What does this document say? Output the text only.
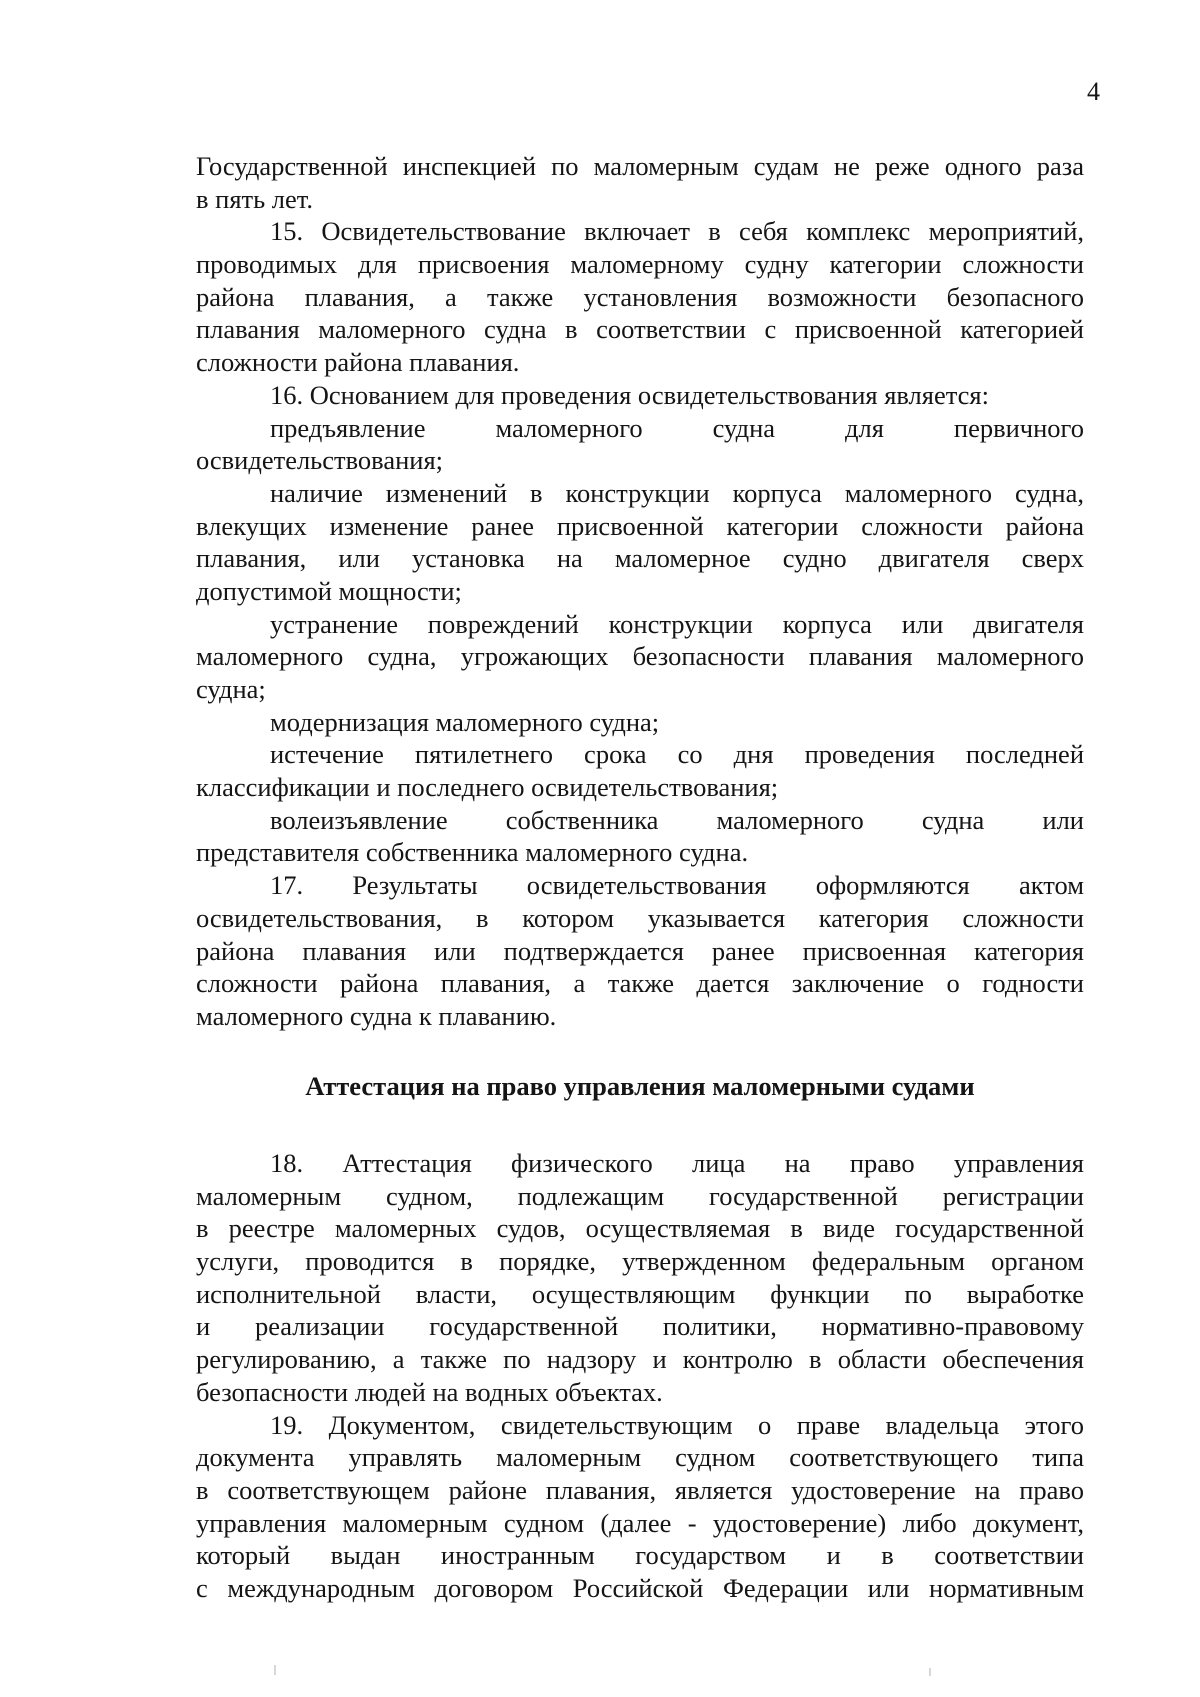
4
Государственной инспекцией по маломерным судам не реже одного раза
в пять лет.
15. Освидетельствование включает в себя комплекс мероприятий,
проводимых для присвоения маломерному судну категории сложности
района плавания, а также установления возможности безопасного
плавания маломерного судна в соответствии с присвоенной категорией
сложности района плавания.
16. Основанием для проведения освидетельствования является:
предъявление маломерного судна для первичного
освидетельствования;
наличие изменений в конструкции корпуса маломерного судна,
влекущих изменение ранее присвоенной категории сложности района
плавания, или установка на маломерное судно двигателя сверх
допустимой мощности;
устранение повреждений конструкции корпуса или двигателя
маломерного судна, угрожающих безопасности плавания маломерного
судна;
модернизация маломерного судна;
истечение пятилетнего срока со дня проведения последней
классификации и последнего освидетельствования;
волеизъявление собственника маломерного судна или
представителя собственника маломерного судна.
17. Результаты освидетельствования оформляются актом
освидетельствования, в котором указывается категория сложности
района плавания или подтверждается ранее присвоенная категория
сложности района плавания, а также дается заключение о годности
маломерного судна к плаванию.
Аттестация на право управления маломерными судами
18. Аттестация физического лица на право управления
маломерным судном, подлежащим государственной регистрации
в реестре маломерных судов, осуществляемая в виде государственной
услуги, проводится в порядке, утвержденном федеральным органом
исполнительной власти, осуществляющим функции по выработке
и реализации государственной политики, нормативно-правовому
регулированию, а также по надзору и контролю в области обеспечения
безопасности людей на водных объектах.
19. Документом, свидетельствующим о праве владельца этого
документа управлять маломерным судном соответствующего типа
в соответствующем районе плавания, является удостоверение на право
управления маломерным судном (далее - удостоверение) либо документ,
который выдан иностранным государством и в соответствии
с международным договором Российской Федерации или нормативным
